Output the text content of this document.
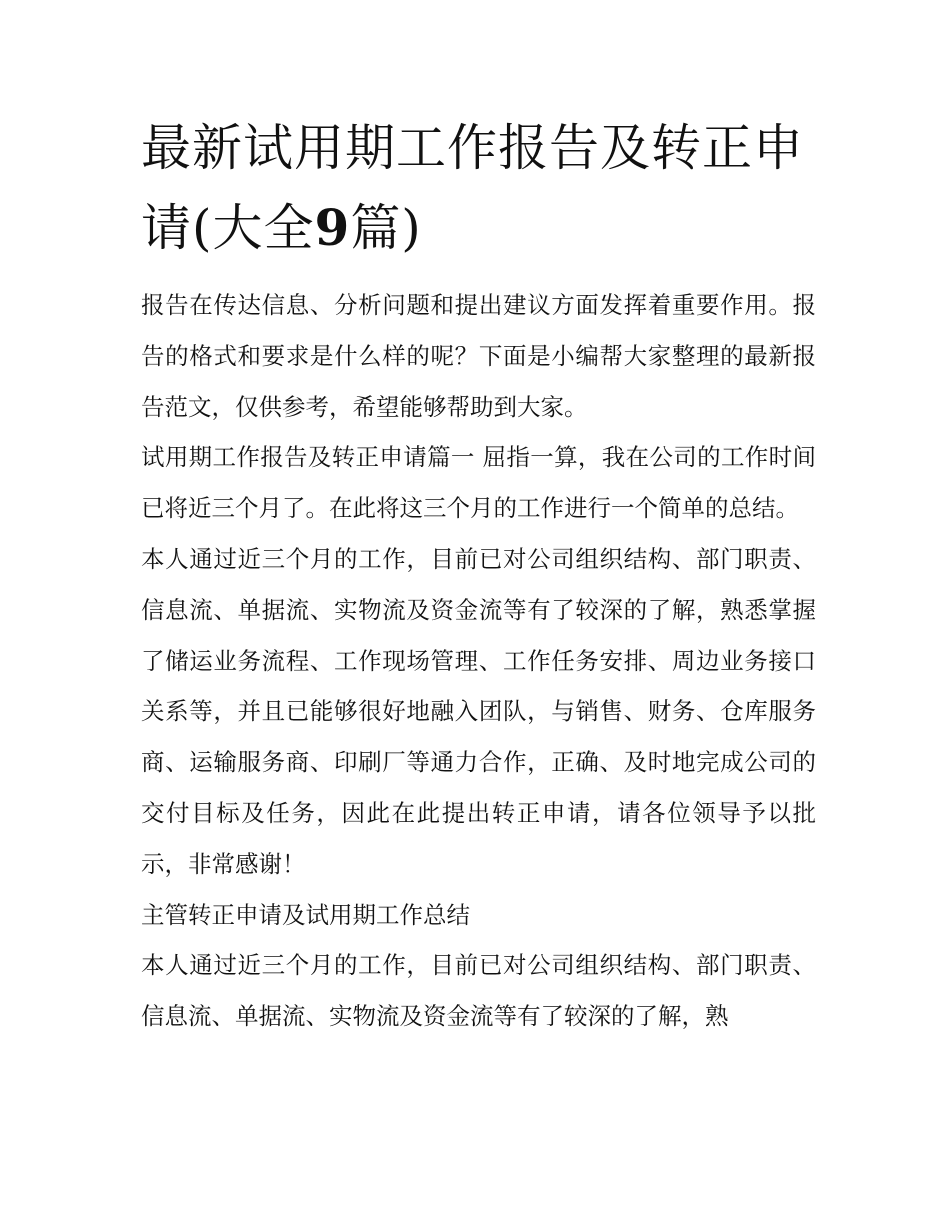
最新试用期工作报告及转正申请(大全9篇)

报告在传达信息、分析问题和提出建议方面发挥着重要作用。报告的格式和要求是什么样的呢？下面是小编帮大家整理的最新报告范文，仅供参考，希望能够帮助到大家。

试用期工作报告及转正申请篇一 屈指一算，我在公司的工作时间已将近三个月了。在此将这三个月的工作进行一个简单的总结。

本人通过近三个月的工作，目前已对公司组织结构、部门职责、信息流、单据流、实物流及资金流等有了较深的了解，熟悉掌握了储运业务流程、工作现场管理、工作任务安排、周边业务接口关系等，并且已能够很好地融入团队，与销售、财务、仓库服务商、运输服务商、印刷厂等通力合作，正确、及时地完成公司的交付目标及任务，因此在此提出转正申请，请各位领导予以批示，非常感谢！

主管转正申请及试用期工作总结

本人通过近三个月的工作，目前已对公司组织结构、部门职责、信息流、单据流、实物流及资金流等有了较深的了解，熟
